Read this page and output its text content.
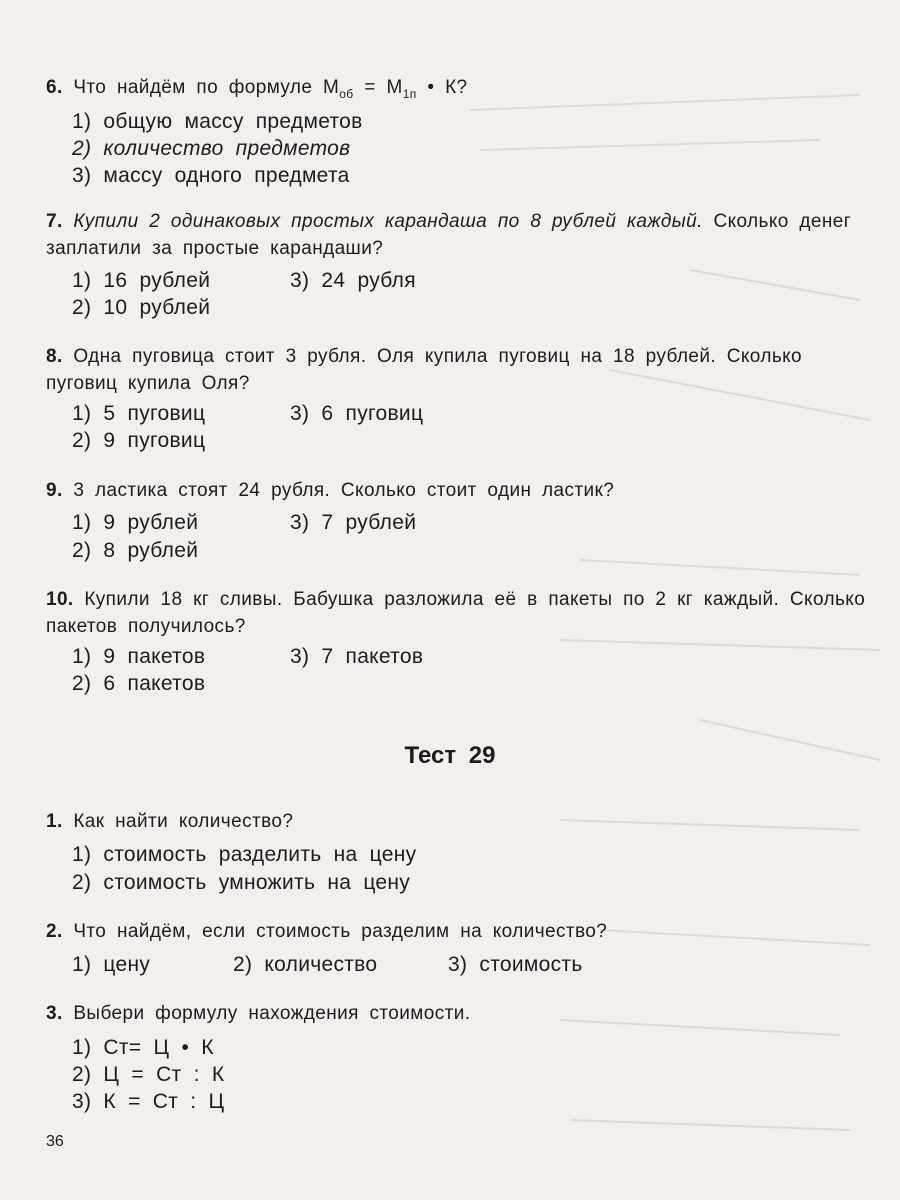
6. Что найдём по формуле $М_{об} = М_{1п}$ • К?
1) общую массу предметов
2) количество предметов
3) массу одного предмета
7. Купили 2 одинаковых простых карандаша по 8 рублей каждый. Сколько денег заплатили за простые карандаши?
1) 16 рублей	3) 24 рубля
2) 10 рублей
8. Одна пуговица стоит 3 рубля. Оля купила пуговиц на 18 рублей. Сколько пуговиц купила Оля?
1) 5 пуговиц	3) 6 пуговиц
2) 9 пуговиц
9. 3 ластика стоят 24 рубля. Сколько стоит один ластик?
1) 9 рублей	3) 7 рублей
2) 8 рублей
10. Купили 18 кг сливы. Бабушка разложила её в пакеты по 2 кг каждый. Сколько пакетов получилось?
1) 9 пакетов	3) 7 пакетов
2) 6 пакетов
Тест 29
1. Как найти количество?
1) стоимость разделить на цену
2) стоимость умножить на цену
2. Что найдём, если стоимость разделим на количество?
1) цену	2) количество	3) стоимость
3. Выбери формулу нахождения стоимости.
1) Ст= Ц • К
2) Ц = Ст : К
3) К = Ст : Ц
36
